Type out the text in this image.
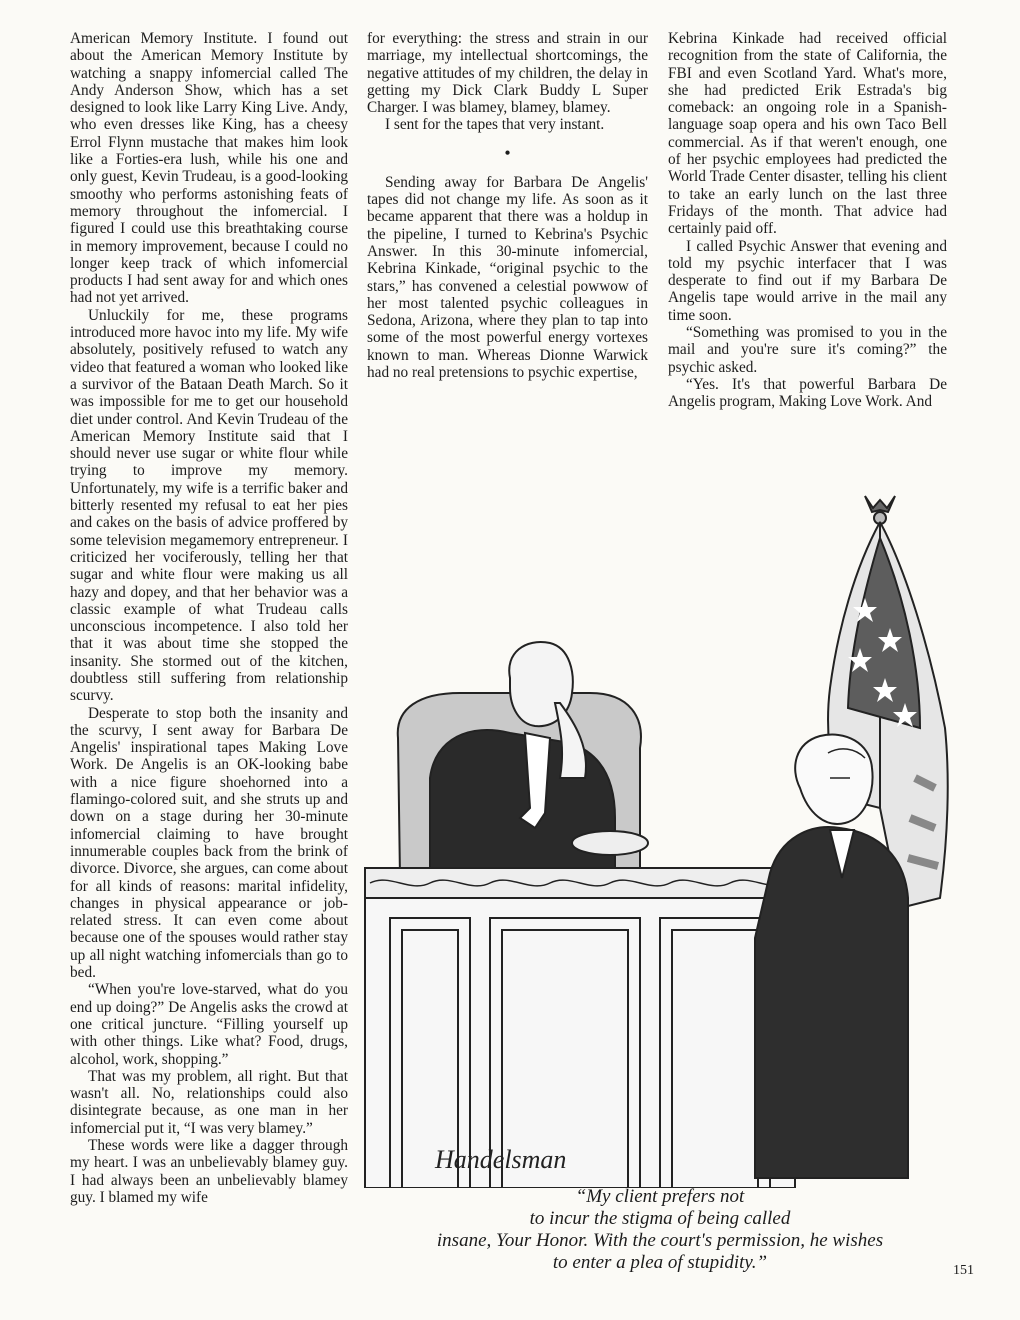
American Memory Institute. I found out about the American Memory Institute by watching a snappy infomercial called The Andy Anderson Show, which has a set designed to look like Larry King Live. Andy, who even dresses like King, has a cheesy Errol Flynn mustache that makes him look like a Forties-era lush, while his one and only guest, Kevin Trudeau, is a good-looking smoothy who performs astonishing feats of memory throughout the infomercial. I figured I could use this breathtaking course in memory improvement, because I could no longer keep track of which infomercial products I had sent away for and which ones had not yet arrived.

Unluckily for me, these programs introduced more havoc into my life. My wife absolutely, positively refused to watch any video that featured a woman who looked like a survivor of the Bataan Death March. So it was impossible for me to get our household diet under control. And Kevin Trudeau of the American Memory Institute said that I should never use sugar or white flour while trying to improve my memory. Unfortunately, my wife is a terrific baker and bitterly resented my refusal to eat her pies and cakes on the basis of advice proffered by some television megamemory entrepreneur. I criticized her vociferously, telling her that sugar and white flour were making us all hazy and dopey, and that her behavior was a classic example of what Trudeau calls unconscious incompetence. I also told her that it was about time she stopped the insanity. She stormed out of the kitchen, doubtless still suffering from relationship scurvy.

Desperate to stop both the insanity and the scurvy, I sent away for Barbara De Angelis' inspirational tapes Making Love Work. De Angelis is an OK-looking babe with a nice figure shoehorned into a flamingo-colored suit, and she struts up and down on a stage during her 30-minute infomercial claiming to have brought innumerable couples back from the brink of divorce. Divorce, she argues, can come about for all kinds of reasons: marital infidelity, changes in physical appearance or job-related stress. It can even come about because one of the spouses would rather stay up all night watching infomercials than go to bed.

“When you're love-starved, what do you end up doing?” De Angelis asks the crowd at one critical juncture. “Filling yourself up with other things. Like what? Food, drugs, alcohol, work, shopping.”

That was my problem, all right. But that wasn't all. No, relationships could also disintegrate because, as one man in her infomercial put it, “I was very blamey.”

These words were like a dagger through my heart. I was an unbelievably blamey guy. I had always been an unbelievably blamey guy. I blamed my wife

for everything: the stress and strain in our marriage, my intellectual shortcomings, the negative attitudes of my children, the delay in getting my Dick Clark Buddy L Super Charger. I was blamey, blamey, blamey.

I sent for the tapes that very instant.

•

Sending away for Barbara De Angelis' tapes did not change my life. As soon as it became apparent that there was a holdup in the pipeline, I turned to Kebrina's Psychic Answer. In this 30-minute infomercial, Kebrina Kinkade, “original psychic to the stars,” has convened a celestial powwow of her most talented psychic colleagues in Sedona, Arizona, where they plan to tap into some of the most powerful energy vortexes known to man. Whereas Dionne Warwick had no real pretensions to psychic expertise,

Kebrina Kinkade had received official recognition from the state of California, the FBI and even Scotland Yard. What's more, she had predicted Erik Estrada's big comeback: an ongoing role in a Spanish-language soap opera and his own Taco Bell commercial. As if that weren't enough, one of her psychic employees had predicted the World Trade Center disaster, telling his client to take an early lunch on the last three Fridays of the month. That advice had certainly paid off.

I called Psychic Answer that evening and told my psychic interfacer that I was desperate to find out if my Barbara De Angelis tape would arrive in the mail any time soon.

“Something was promised to you in the mail and you're sure it's coming?” the psychic asked.

“Yes. It's that powerful Barbara De Angelis program, Making Love Work. And

Handelsman

“My client prefers not

to incur the stigma of being called

insane, Your Honor. With the court's permission, he wishes

to enter a plea of stupidity.”	151
